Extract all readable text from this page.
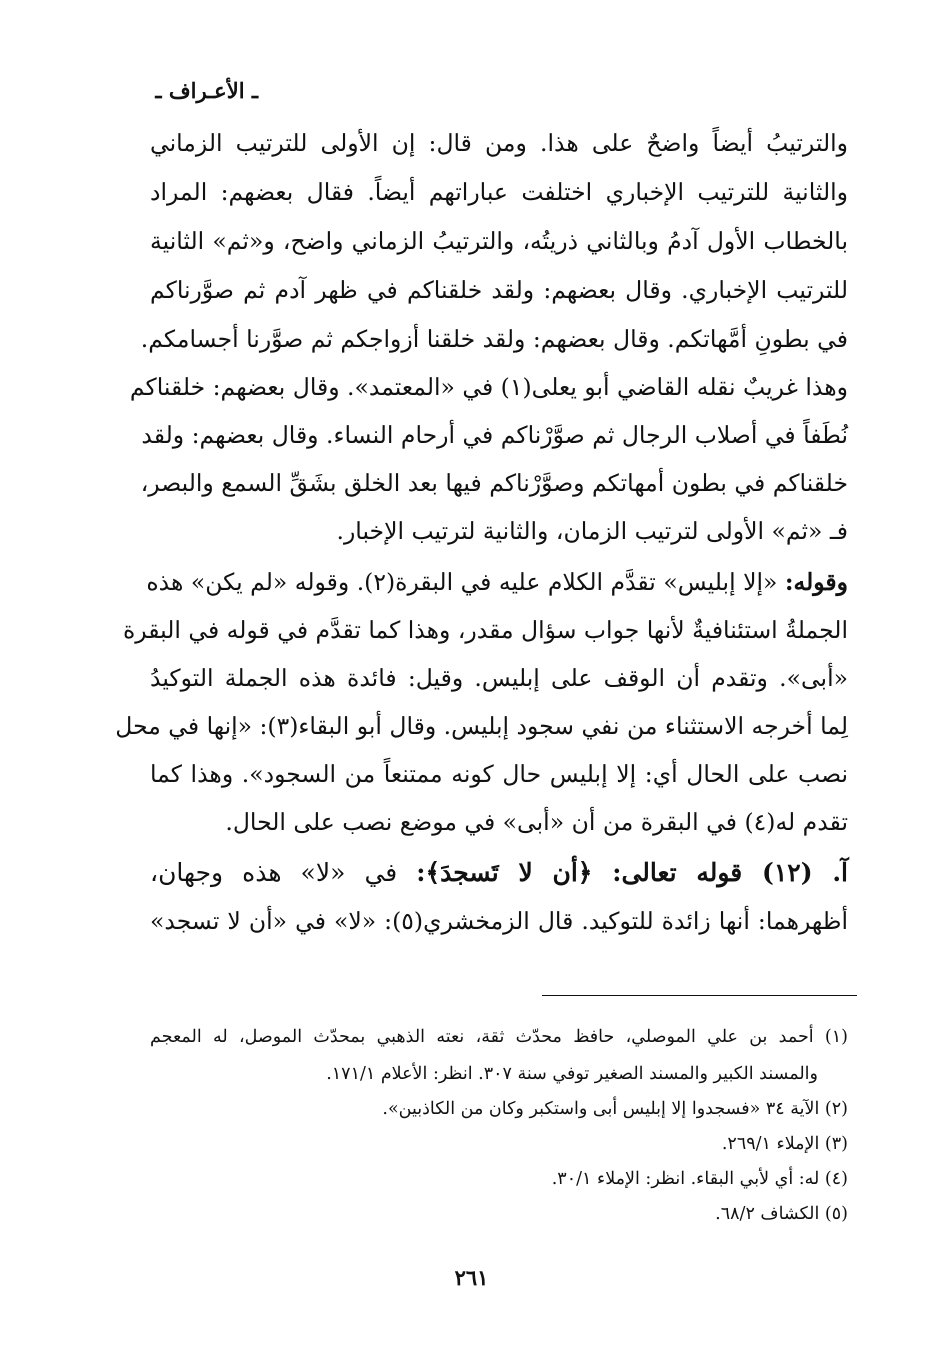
ـ الأعـراف ـ
والترتيبُ أيضاً واضحٌ على هذا. ومن قال: إن الأولى للترتيب الزماني
والثانية للترتيب الإخباري اختلفت عباراتهم أيضاً. فقال بعضهم: المراد
بالخطاب الأول آدمُ وبالثاني ذريتُه، والترتيبُ الزماني واضح، و«ثم» الثانية
للترتيب الإخباري. وقال بعضهم: ولقد خلقناكم في ظهر آدم ثم صوَّرناكم
في بطونِ أمَّهاتكم. وقال بعضهم: ولقد خلقنا أزواجكم ثم صوَّرنا أجسامكم.
وهذا غريبٌ نقله القاضي أبو يعلى(١) في «المعتمد». وقال بعضهم: خلقناكم
نُطَفاً في أصلاب الرجال ثم صوَّرْناكم في أرحام النساء. وقال بعضهم: ولقد
خلقناكم في بطون أمهاتكم وصوَّرْناكم فيها بعد الخلق بشَقِّ السمع والبصر،
فـ «ثم» الأولى لترتيب الزمان، والثانية لترتيب الإخبار.
وقوله: «إلا إبليس» تقدَّم الكلام عليه في البقرة(٢). وقوله «لم يكن» هذه
الجملةُ استئنافيةٌ لأنها جواب سؤال مقدر، وهذا كما تقدَّم في قوله في البقرة
«أبى». وتقدم أن الوقف على إبليس. وقيل: فائدة هذه الجملة التوكيدُ
لِما أخرجه الاستثناء من نفي سجود إبليس. وقال أبو البقاء(٣): «إنها في محل
نصب على الحال أي: إلا إبليس حال كونه ممتنعاً من السجود». وهذا كما
تقدم له(٤) في البقرة من أن «أبى» في موضع نصب على الحال.
آ. (١٢) قوله تعالى: ﴿أن لا تَسجدَ﴾: في «لا» هذه وجهان،
أظهرهما: أنها زائدة للتوكيد. قال الزمخشري(٥): «لا» في «أن لا تسجد»
(١) أحمد بن علي الموصلي، حافظ محدّث ثقة، نعته الذهبي بمحدّث الموصل، له المعجم
والمسند الكبير والمسند الصغير توفي سنة ٣٠٧. انظر: الأعلام ١٧١/١.
(٢) الآية ٣٤ «فسجدوا إلا إبليس أبى واستكبر وكان من الكاذبين».
(٣) الإملاء ٢٦٩/١.
(٤) له: أي لأبي البقاء. انظر: الإملاء ٣٠/١.
(٥) الكشاف ٦٨/٢.
٢٦١
